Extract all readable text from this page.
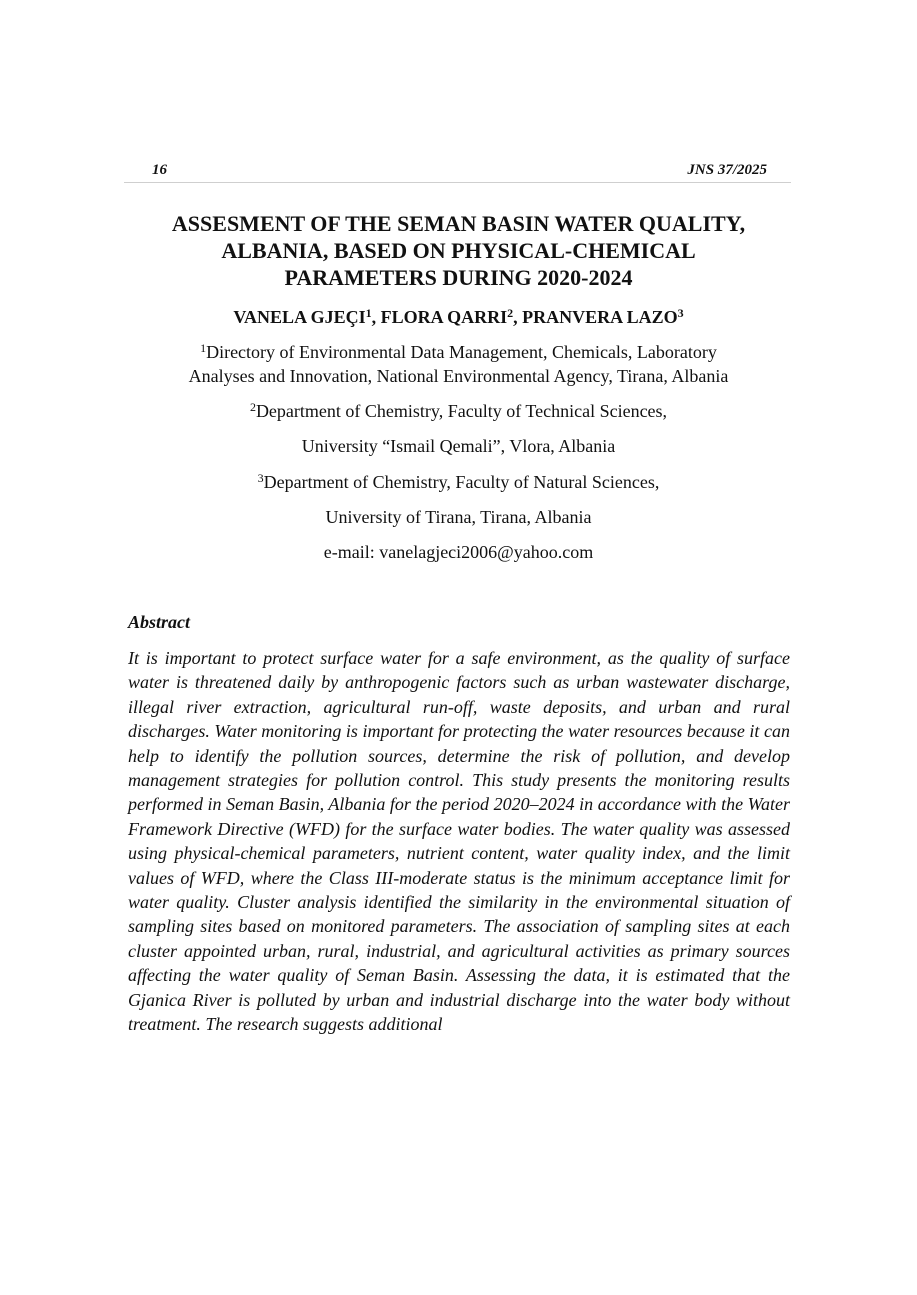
16	JNS 37/2025
ASSESMENT OF THE SEMAN BASIN WATER QUALITY,
ALBANIA, BASED ON PHYSICAL-CHEMICAL
PARAMETERS DURING 2020-2024
VANELA GJEÇI$^1$, FLORA QARRI$^2$, PRANVERA LAZO$^3$
$^1$Directory of Environmental Data Management, Chemicals, Laboratory
Analyses and Innovation, National Environmental Agency, Tirana, Albania
$^2$Department of Chemistry, Faculty of Technical Sciences,
University “Ismail Qemali”, Vlora, Albania
$^3$Department of Chemistry, Faculty of Natural Sciences,
University of Tirana, Tirana, Albania
e-mail: vanelagjeci2006@yahoo.com
Abstract

It is important to protect surface water for a safe environment, as the quality of surface water is threatened daily by anthropogenic factors such as urban wastewater discharge, illegal river extraction, agricultural run-off, waste deposits, and urban and rural discharges. Water monitoring is important for protecting the water resources because it can help to identify the pollution sources, determine the risk of pollution, and develop management strategies for pollution control. This study presents the monitoring results performed in Seman Basin, Albania for the period 2020–2024 in accordance with the Water Framework Directive (WFD) for the surface water bodies. The water quality was assessed using physical-chemical parameters, nutrient content, water quality index, and the limit values of WFD, where the Class III-moderate status is the minimum acceptance limit for water quality. Cluster analysis identified the similarity in the environmental situation of sampling sites based on monitored parameters. The association of sampling sites at each cluster appointed urban, rural, industrial, and agricultural activities as primary sources affecting the water quality of Seman Basin. Assessing the data, it is estimated that the Gjanica River is polluted by urban and industrial discharge into the water body without treatment. The research suggests additional
